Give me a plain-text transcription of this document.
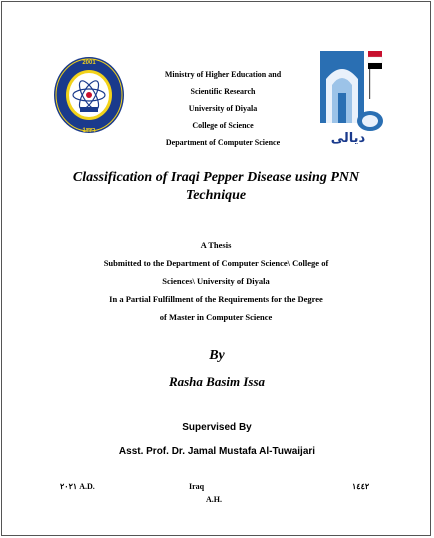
2001
1٣٣٦
Ministry of Higher Education and
Scientific Research
University of Diyala
College of Science
Department of Computer Science	ديالى
Classification of Iraqi Pepper Disease using PNN
Technique
A Thesis
Submitted to the Department of Computer Science\ College of
Sciences\ University of Diyala
In a Partial Fulfillment of the Requirements for the Degree
of Master in Computer Science
By
Rasha Basim Issa
Supervised By
Asst. Prof. Dr. Jamal Mustafa Al-Tuwaijari
٢٠٢١ A.D.	Iraq
A.H.
١٤٤٢
